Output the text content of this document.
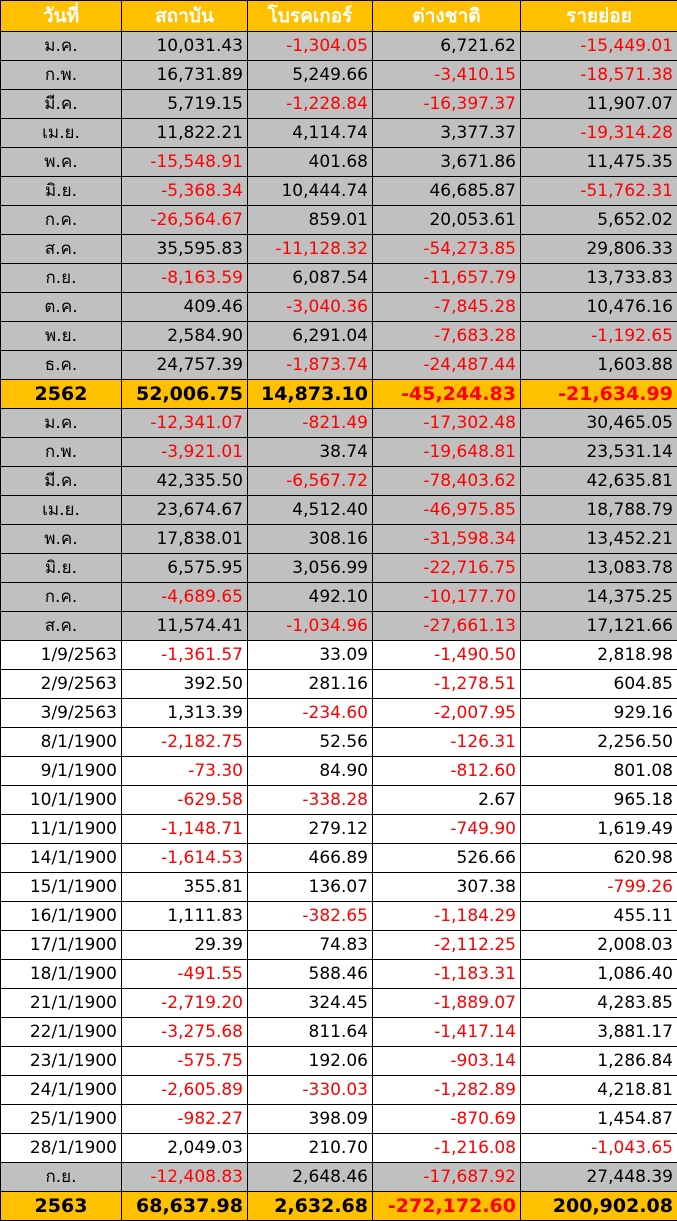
วันที่	สถาบัน	โบรคเกอร์	ต่างชาติ	รายย่อย
ม.ค.	10,031.43	-1,304.05	6,721.62	-15,449.01
ก.พ.	16,731.89	5,249.66	-3,410.15	-18,571.38
มี.ค.	5,719.15	-1,228.84	-16,397.37	11,907.07
เม.ย.	11,822.21	4,114.74	3,377.37	-19,314.28
พ.ค.	-15,548.91	401.68	3,671.86	11,475.35
มิ.ย.	-5,368.34	10,444.74	46,685.87	-51,762.31
ก.ค.	-26,564.67	859.01	20,053.61	5,652.02
ส.ค.	35,595.83	-11,128.32	-54,273.85	29,806.33
ก.ย.	-8,163.59	6,087.54	-11,657.79	13,733.83
ต.ค.	409.46	-3,040.36	-7,845.28	10,476.16
พ.ย.	2,584.90	6,291.04	-7,683.28	-1,192.65
ธ.ค.	24,757.39	-1,873.74	-24,487.44	1,603.88
2562	52,006.75	14,873.10	-45,244.83	-21,634.99
ม.ค.	-12,341.07	-821.49	-17,302.48	30,465.05
ก.พ.	-3,921.01	38.74	-19,648.81	23,531.14
มี.ค.	42,335.50	-6,567.72	-78,403.62	42,635.81
เม.ย.	23,674.67	4,512.40	-46,975.85	18,788.79
พ.ค.	17,838.01	308.16	-31,598.34	13,452.21
มิ.ย.	6,575.95	3,056.99	-22,716.75	13,083.78
ก.ค.	-4,689.65	492.10	-10,177.70	14,375.25
ส.ค.	11,574.41	-1,034.96	-27,661.13	17,121.66
1/9/2563	-1,361.57	33.09	-1,490.50	2,818.98
2/9/2563	392.50	281.16	-1,278.51	604.85
3/9/2563	1,313.39	-234.60	-2,007.95	929.16
8/1/1900	-2,182.75	52.56	-126.31	2,256.50
9/1/1900	-73.30	84.90	-812.60	801.08
10/1/1900	-629.58	-338.28	2.67	965.18
11/1/1900	-1,148.71	279.12	-749.90	1,619.49
14/1/1900	-1,614.53	466.89	526.66	620.98
15/1/1900	355.81	136.07	307.38	-799.26
16/1/1900	1,111.83	-382.65	-1,184.29	455.11
17/1/1900	29.39	74.83	-2,112.25	2,008.03
18/1/1900	-491.55	588.46	-1,183.31	1,086.40
21/1/1900	-2,719.20	324.45	-1,889.07	4,283.85
22/1/1900	-3,275.68	811.64	-1,417.14	3,881.17
23/1/1900	-575.75	192.06	-903.14	1,286.84
24/1/1900	-2,605.89	-330.03	-1,282.89	4,218.81
25/1/1900	-982.27	398.09	-870.69	1,454.87
28/1/1900	2,049.03	210.70	-1,216.08	-1,043.65
ก.ย.	-12,408.83	2,648.46	-17,687.92	27,448.39
2563	68,637.98	2,632.68	-272,172.60	200,902.08
